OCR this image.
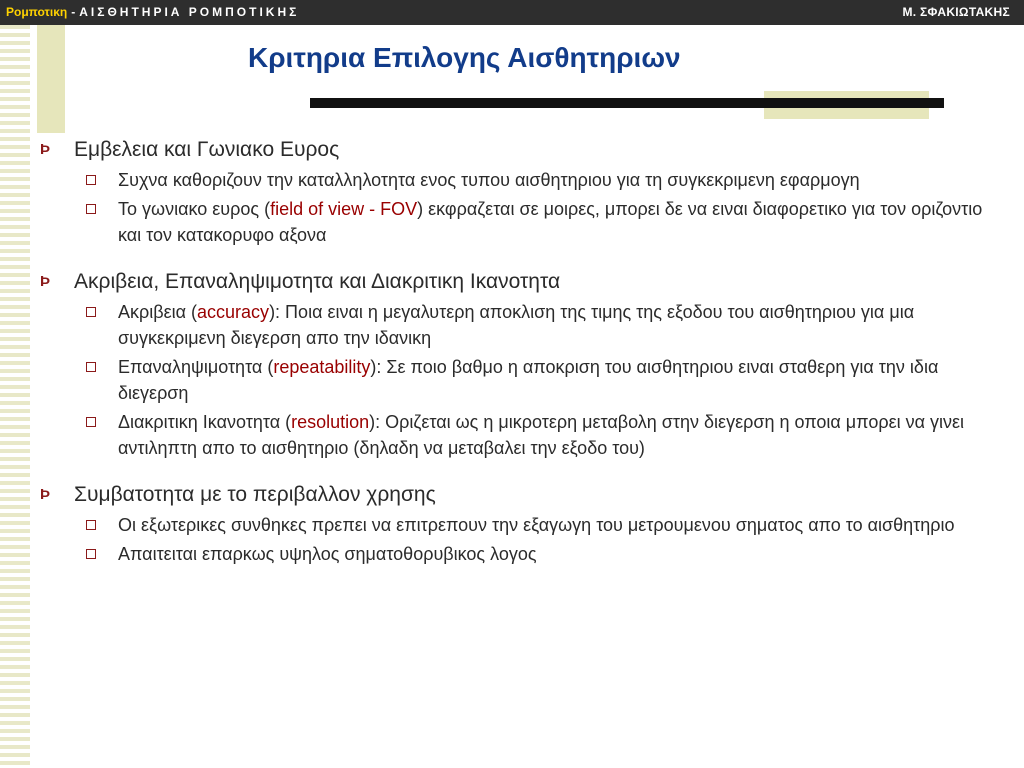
Ρομποτικη - ΑΙΣΘΗΤΗΡΙΑ ΡΟΜΠΟΤΙΚΗΣ	Μ. ΣΦΑΚΙΩΤΑΚΗΣ
Κριτηρια Επιλογης Αισθητηριων
Þ	Εμβελεια και Γωνιακο Ευρος
Συχνα καθοριζουν την καταλληλοτητα ενος τυπου αισθητηριου για τη συγκεκριμενη εφαρμογη
Το γωνιακο ευρος (field of view - FOV) εκφραζεται σε μοιρες, μπορει δε να ειναι διαφορετικο για τον οριζοντιο και τον κατακορυφο αξονα
Þ	Ακριβεια, Επαναληψιμοτητα και Διακριτικη Ικανοτητα
Ακριβεια (accuracy): Ποια ειναι η μεγαλυτερη αποκλιση της τιμης της εξοδου του αισθητηριου για μια συγκεκριμενη διεγερση απο την ιδανικη
Επαναληψιμοτητα (repeatability): Σε ποιο βαθμο η αποκριση του αισθητηριου ειναι σταθερη για την ιδια διεγερση
Διακριτικη Ικανοτητα (resolution): Οριζεται ως η μικροτερη μεταβολη στην διεγερση η οποια μπορει να γινει αντιληπτη απο το αισθητηριο (δηλαδη να μεταβαλει την εξοδο του)
Þ	Συμβατοτητα με το περιβαλλον χρησης
Οι εξωτερικες συνθηκες πρεπει να επιτρεπουν την εξαγωγη του μετρουμενου σηματος απο το αισθητηριο
Απαιτειται επαρκως υψηλος σηματοθορυβικος λογος
